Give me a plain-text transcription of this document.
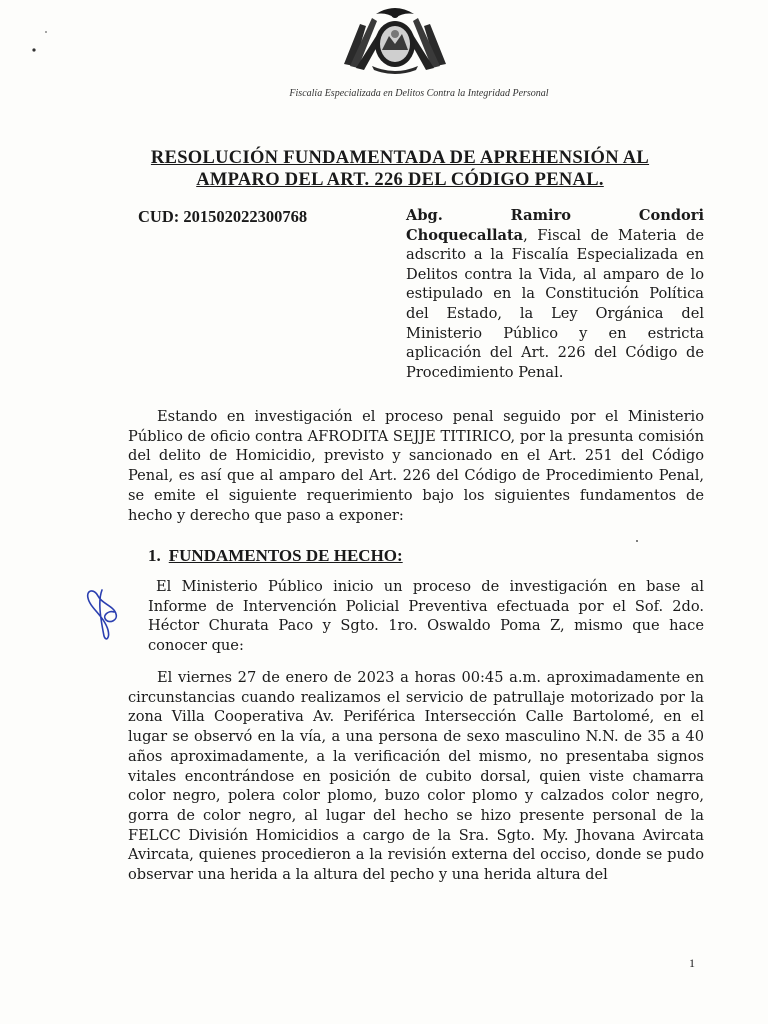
Fiscalía Especializada en Delitos Contra la Integridad Personal
RESOLUCIÓN FUNDAMENTADA DE APREHENSIÓN AL
AMPARO DEL ART. 226 DEL CÓDIGO PENAL.
CUD: 201502022300768	Abg. Ramiro Condori Choquecallata, Fiscal de Materia de adscrito a la Fiscalía Especializada en Delitos contra la Vida, al amparo de lo estipulado en la Constitución Política del Estado, la Ley Orgánica del Ministerio Público y en estricta aplicación del Art. 226 del Código de Procedimiento Penal.
Estando en investigación el proceso penal seguido por el Ministerio Público de oficio contra AFRODITA SEJJE TITIRICO, por la presunta comisión del delito de Homicidio, previsto y sancionado en el Art. 251 del Código Penal, es así que al amparo del Art. 226 del Código de Procedimiento Penal, se emite el siguiente requerimiento bajo los siguientes fundamentos de hecho y derecho que paso a exponer:
1. FUNDAMENTOS DE HECHO:
El Ministerio Público inicio un proceso de investigación en base al Informe de Intervención Policial Preventiva efectuada por el Sof. 2do. Héctor Churata Paco y Sgto. 1ro. Oswaldo Poma Z, mismo que hace conocer que:
El viernes 27 de enero de 2023 a horas 00:45 a.m. aproximadamente en circunstancias cuando realizamos el servicio de patrullaje motorizado por la zona Villa Cooperativa Av. Periférica Intersección Calle Bartolomé, en el lugar se observó en la vía, a una persona de sexo masculino N.N. de 35 a 40 años aproximadamente, a la verificación del mismo, no presentaba signos vitales encontrándose en posición de cubito dorsal, quien viste chamarra color negro, polera color plomo, buzo color plomo y calzados color negro, gorra de color negro, al lugar del hecho se hizo presente personal de la FELCC División Homicidios a cargo de la Sra. Sgto. My. Jhovana Avircata Avircata, quienes procedieron a la revisión externa del occiso, donde se pudo observar una herida a la altura del pecho y una herida altura del
1
